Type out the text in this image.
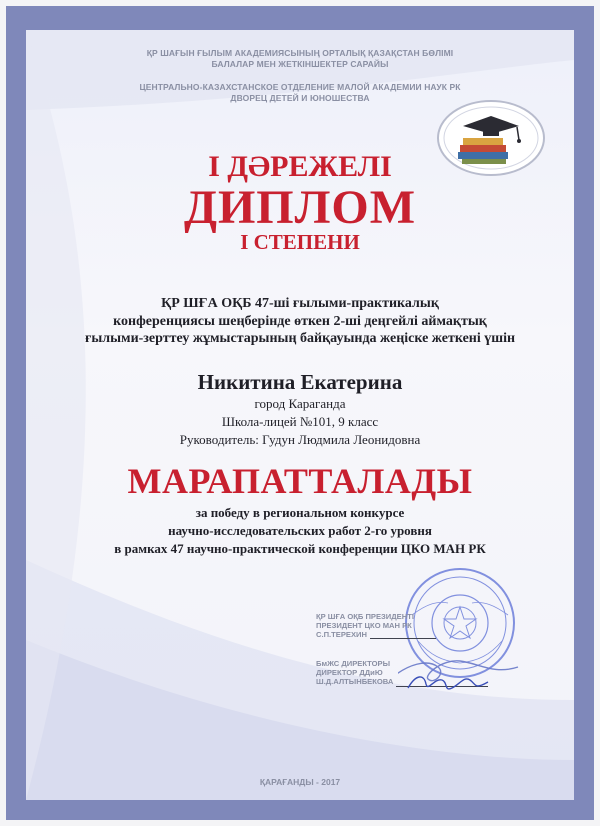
ҚР ШАҒЫН ҒЫЛЫМ АКАДЕМИЯСЫНЫҢ ОРТАЛЫҚ ҚАЗАҚСТАН БӨЛІМІ

БАЛАЛАР МЕН ЖЕТКІНШЕКТЕР САРАЙЫ

ЦЕНТРАЛЬНО-КАЗАХСТАНСКОЕ ОТДЕЛЕНИЕ МАЛОЙ АКАДЕМИИ НАУК РК

ДВОРЕЦ ДЕТЕЙ И ЮНОШЕСТВА

І ДӘРЕЖЕЛІ

ДИПЛОМ

І СТЕПЕНИ

ҚР ШҒА ОҚБ 47-ші ғылыми-практикалық

конференциясы шеңберінде өткен 2-ші деңгейлі аймақтық

ғылыми-зерттеу жұмыстарының байқауында жеңіске жеткені үшін

Никитина Екатерина

город Караганда

Школа-лицей №101, 9 класс

Руководитель: Гудун Людмила Леонидовна

МАРАПАТТАЛАДЫ

за победу в региональном конкурсе

научно-исследовательских работ 2-го уровня

в рамках 47 научно-практической конференции ЦКО МАН РК

ҚР ШҒА ОҚБ ПРЕЗИДЕНТІ
ПРЕЗИДЕНТ ЦКО МАН РК
С.П.ТЕРЕХИН
БмЖС ДИРЕКТОРЫ
ДИРЕКТОР ДДиЮ
Ш.Д.АЛТЫНБЕКОВА
ҚАРАҒАНДЫ - 2017
